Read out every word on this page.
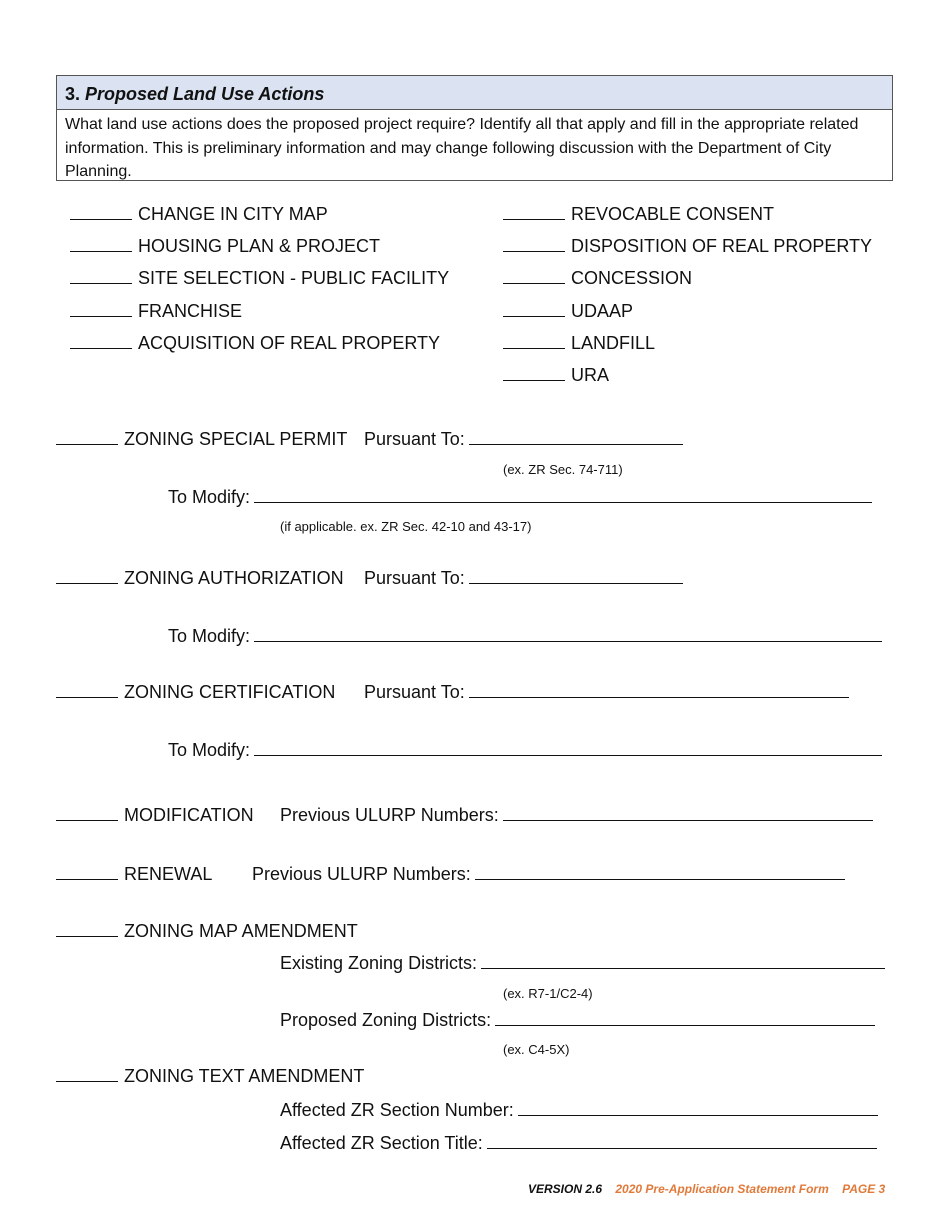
3. Proposed Land Use Actions
What land use actions does the proposed project require? Identify all that apply and fill in the appropriate related information. This is preliminary information and may change following discussion with the Department of City Planning.
CHANGE IN CITY MAP
HOUSING PLAN & PROJECT
SITE SELECTION - PUBLIC FACILITY
FRANCHISE
ACQUISITION OF REAL PROPERTY
REVOCABLE CONSENT
DISPOSITION OF REAL PROPERTY
CONCESSION
UDAAP
LANDFILL
URA
ZONING SPECIAL PERMIT Pursuant To:
(ex. ZR Sec. 74-711)
To Modify:
(if applicable. ex. ZR Sec. 42-10 and 43-17)
ZONING AUTHORIZATION Pursuant To:
To Modify:
ZONING CERTIFICATION Pursuant To:
To Modify:
MODIFICATION Previous ULURP Numbers:
RENEWAL Previous ULURP Numbers:
ZONING MAP AMENDMENT
Existing Zoning Districts:
(ex. R7-1/C2-4)
Proposed Zoning Districts:
(ex. C4-5X)
ZONING TEXT AMENDMENT
Affected ZR Section Number:
Affected ZR Section Title:
VERSION 2.6 2020 Pre-Application Statement Form PAGE 3
